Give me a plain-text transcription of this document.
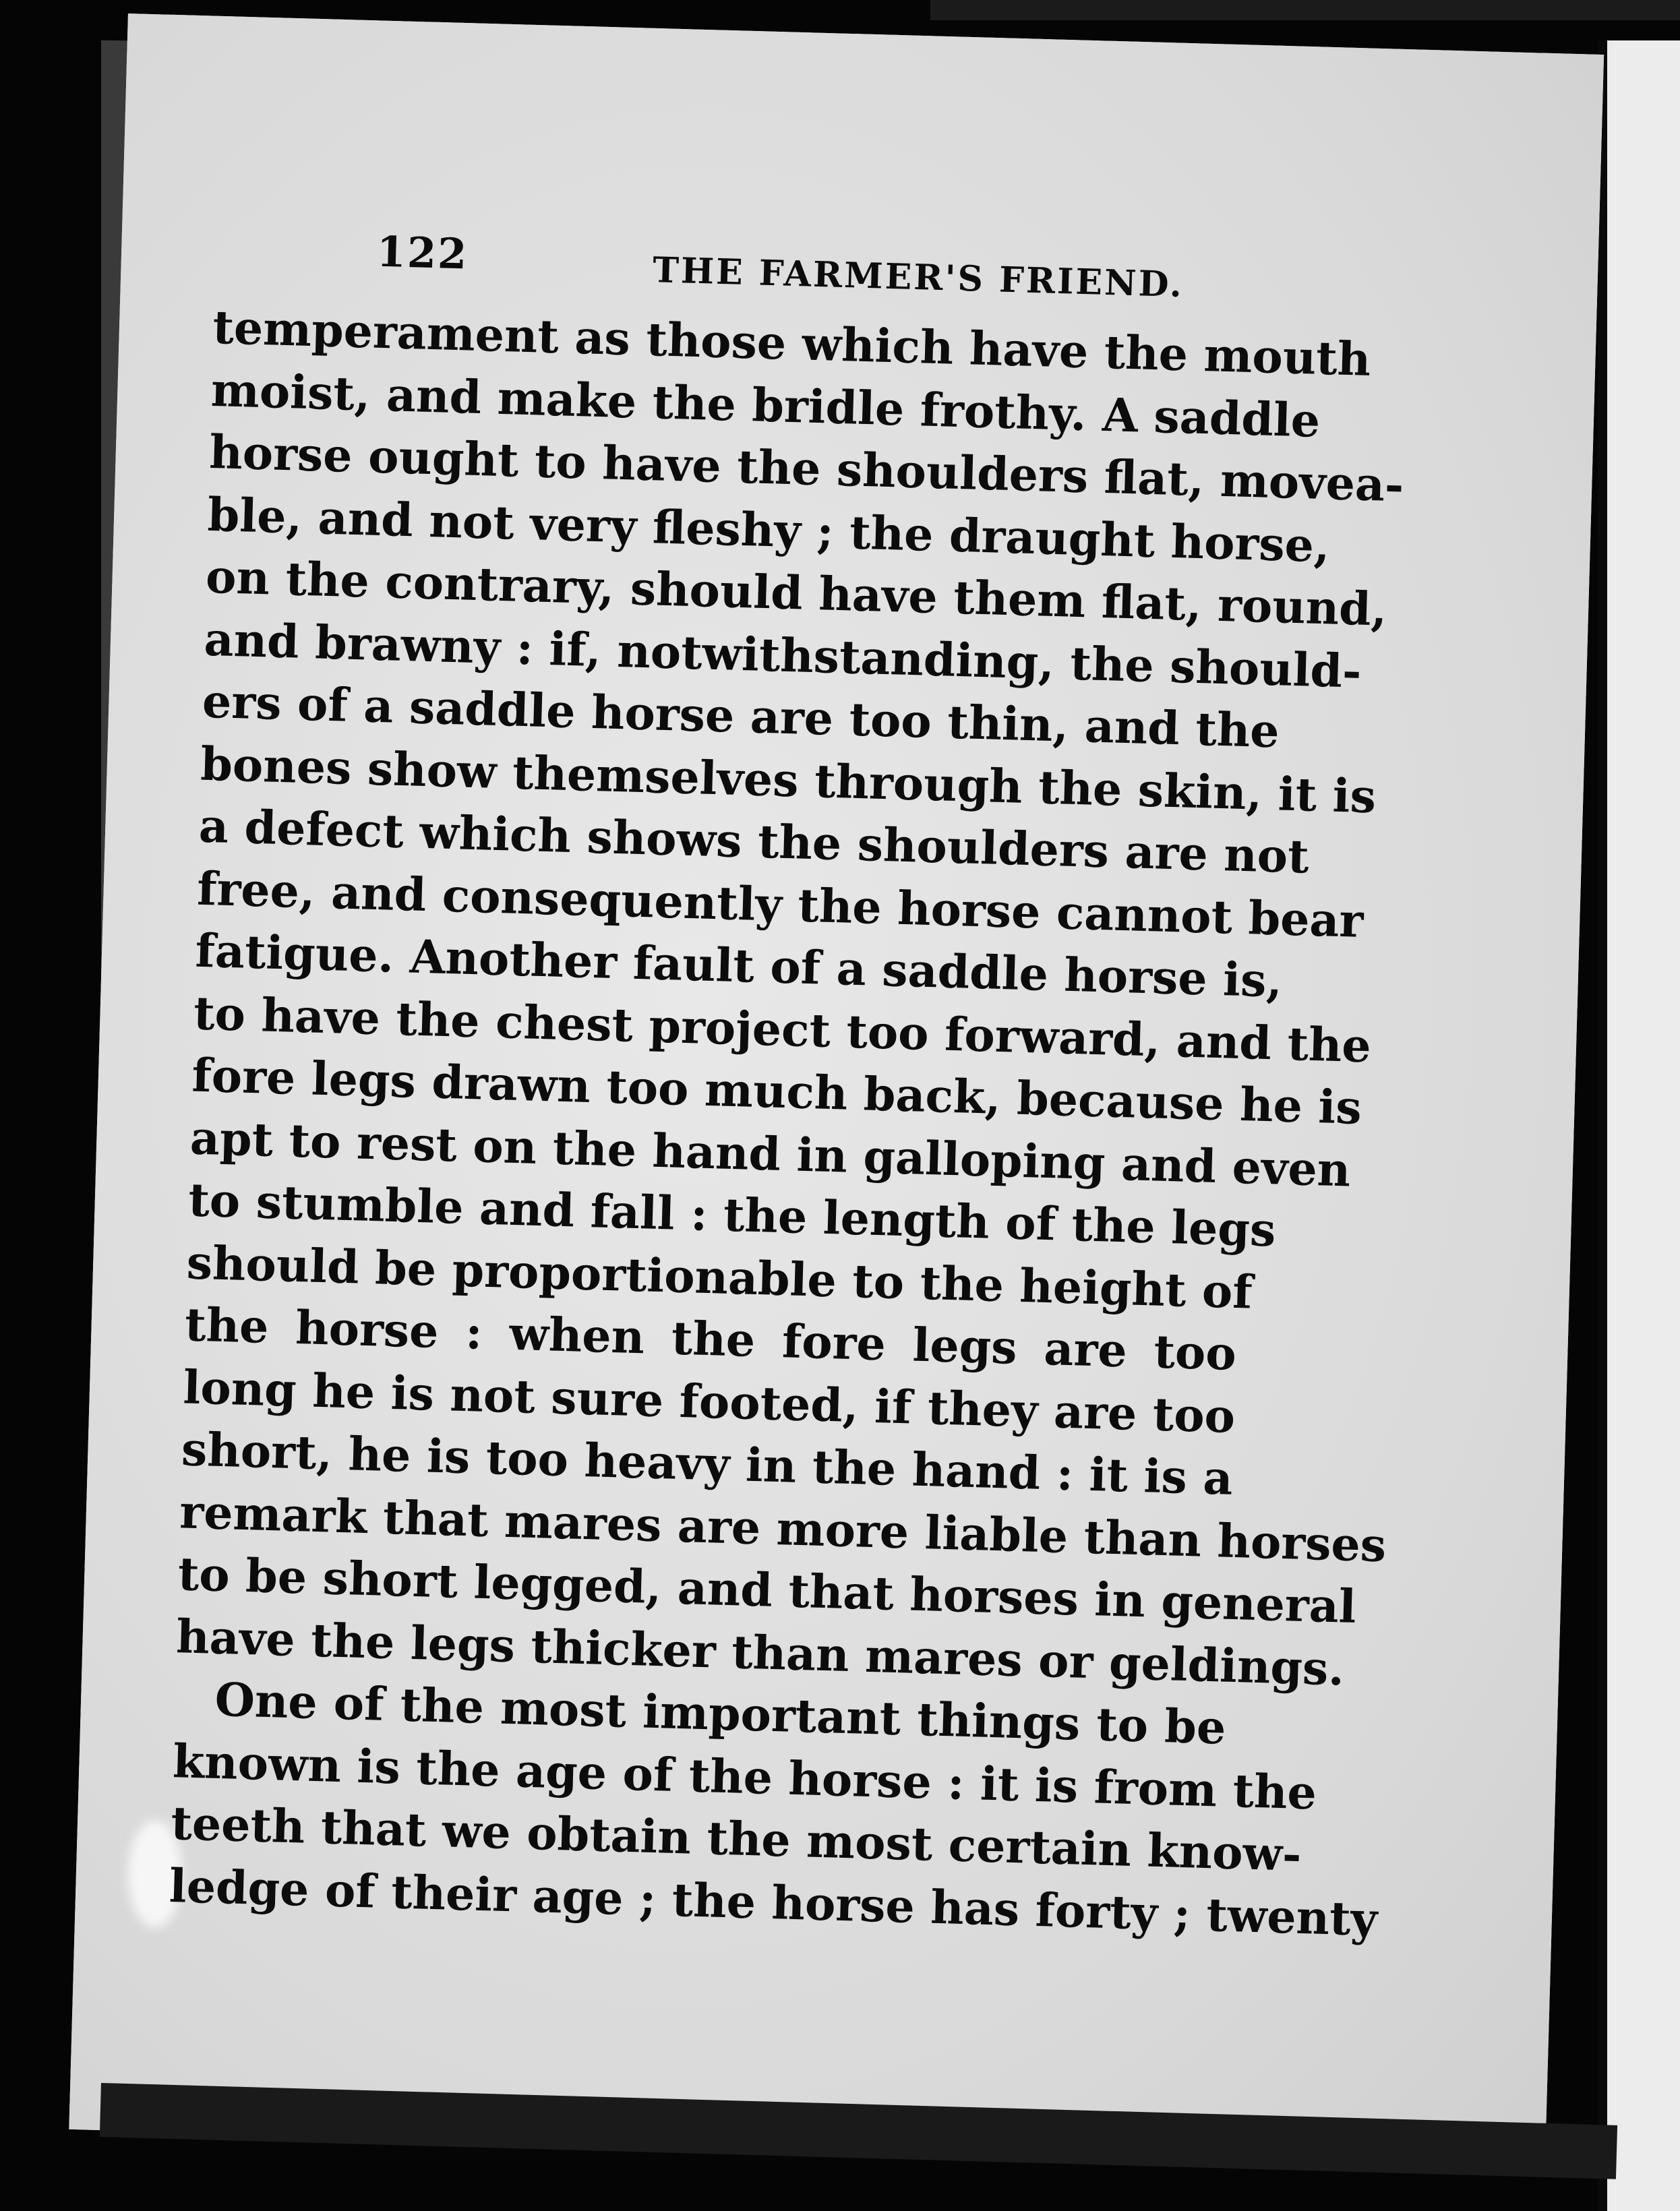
122	THE FARMER'S FRIEND.
temperament as those which have the mouth
moist, and make the bridle frothy. A saddle
horse ought to have the shoulders flat, movea-
ble, and not very fleshy ; the draught horse,
on the contrary, should have them flat, round,
and brawny : if, notwithstanding, the should-
ers of a saddle horse are too thin, and the
bones show themselves through the skin, it is
a defect which shows the shoulders are not
free, and consequently the horse cannot bear
fatigue. Another fault of a saddle horse is,
to have the chest project too forward, and the
fore legs drawn too much back, because he is
apt to rest on the hand in galloping and even
to stumble and fall : the length of the legs
should be proportionable to the height of
the horse : when the fore legs are too
long he is not sure footed, if they are too
short, he is too heavy in the hand : it is a
remark that mares are more liable than horses
to be short legged, and that horses in general
have the legs thicker than mares or geldings.
One of the most important things to be
known is the age of the horse : it is from the
teeth that we obtain the most certain know-
ledge of their age ; the horse has forty ; twenty
